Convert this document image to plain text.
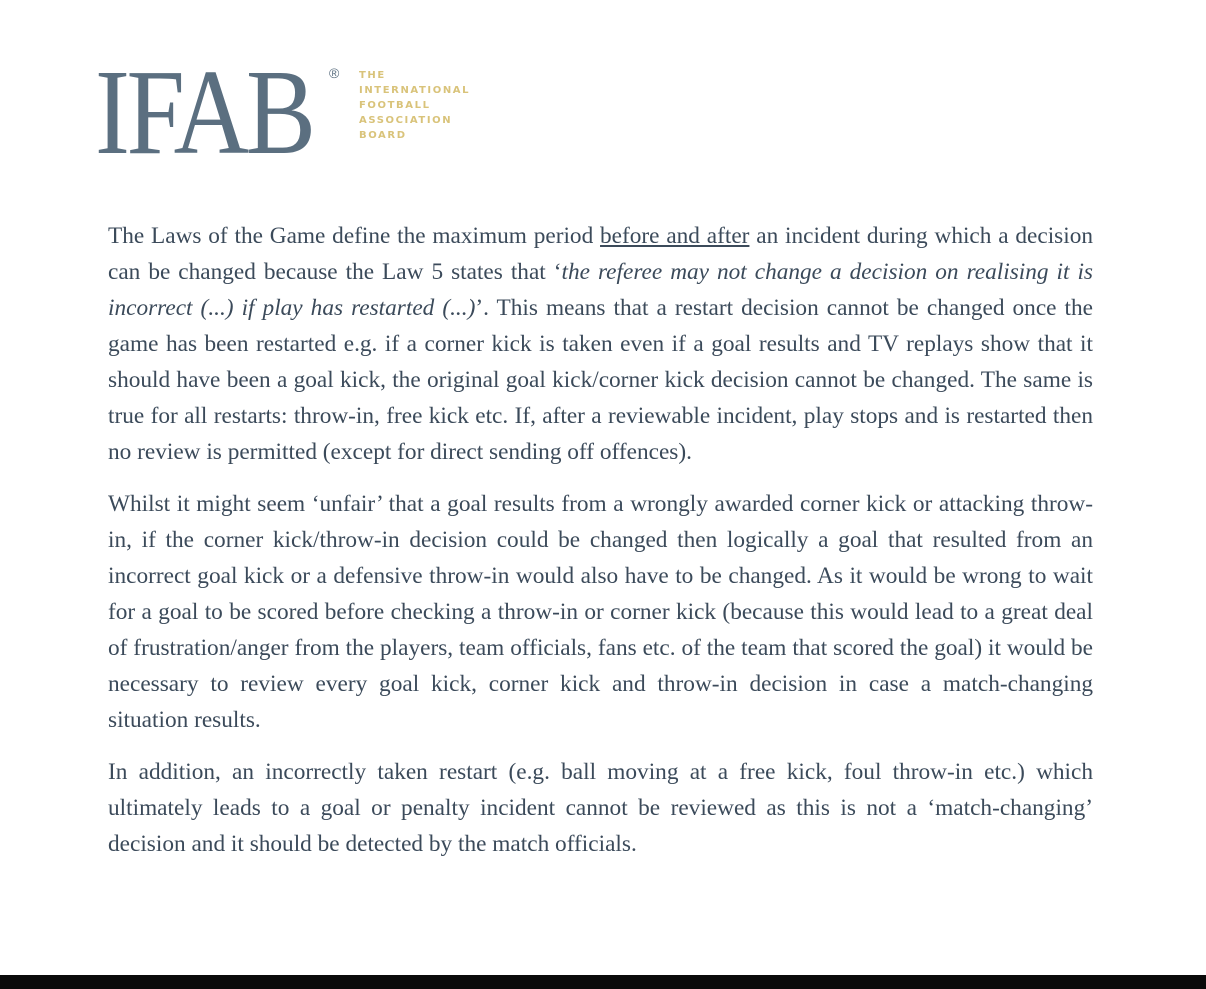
IFAB ® THE
INTERNATIONAL
FOOTBALL
ASSOCIATION
BOARD

The Laws of the Game define the maximum period before and after an incident during which a decision can be changed because the Law 5 states that ‘the referee may not change a decision on realising it is incorrect (...) if play has restarted (...)’. This means that a restart decision cannot be changed once the game has been restarted e.g. if a corner kick is taken even if a goal results and TV replays show that it should have been a goal kick, the original goal kick/corner kick decision cannot be changed. The same is true for all restarts: throw-in, free kick etc. If, after a reviewable incident, play stops and is restarted then no review is permitted (except for direct sending off offences).

Whilst it might seem ‘unfair’ that a goal results from a wrongly awarded corner kick or attacking throw-in, if the corner kick/throw-in decision could be changed then logically a goal that resulted from an incorrect goal kick or a defensive throw-in would also have to be changed. As it would be wrong to wait for a goal to be scored before checking a throw-in or corner kick (because this would lead to a great deal of frustration/anger from the players, team officials, fans etc. of the team that scored the goal) it would be necessary to review every goal kick, corner kick and throw-in decision in case a match-changing situation results.

In addition, an incorrectly taken restart (e.g. ball moving at a free kick, foul throw-in etc.) which ultimately leads to a goal or penalty incident cannot be reviewed as this is not a ‘match-changing’ decision and it should be detected by the match officials.
